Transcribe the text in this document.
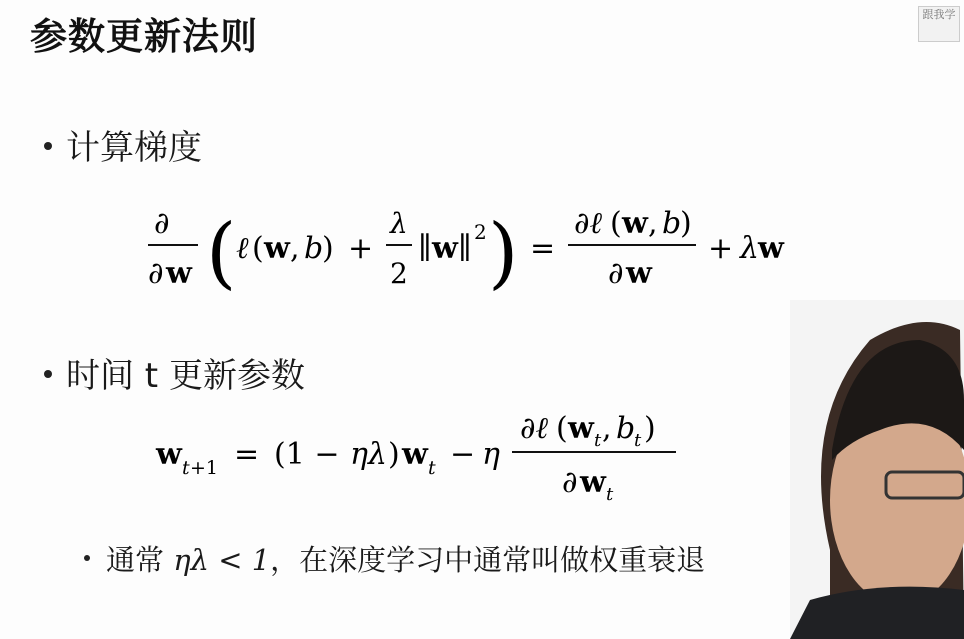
参数更新法则
跟我学
计算梯度
∂
∂ w ( ℓ ( w , b
) +
λ
2
∥ w ∥ 2 ) =
∂ℓ ( w , b
)
∂ w
+ λ
w
时间 t 更新参数
w t +1 = (1 − ηλ ) w t − η
∂ℓ ( w t , b
t )
∂ w t
通常 ηλ < 1，在深度学习中通常叫做权重衰退
